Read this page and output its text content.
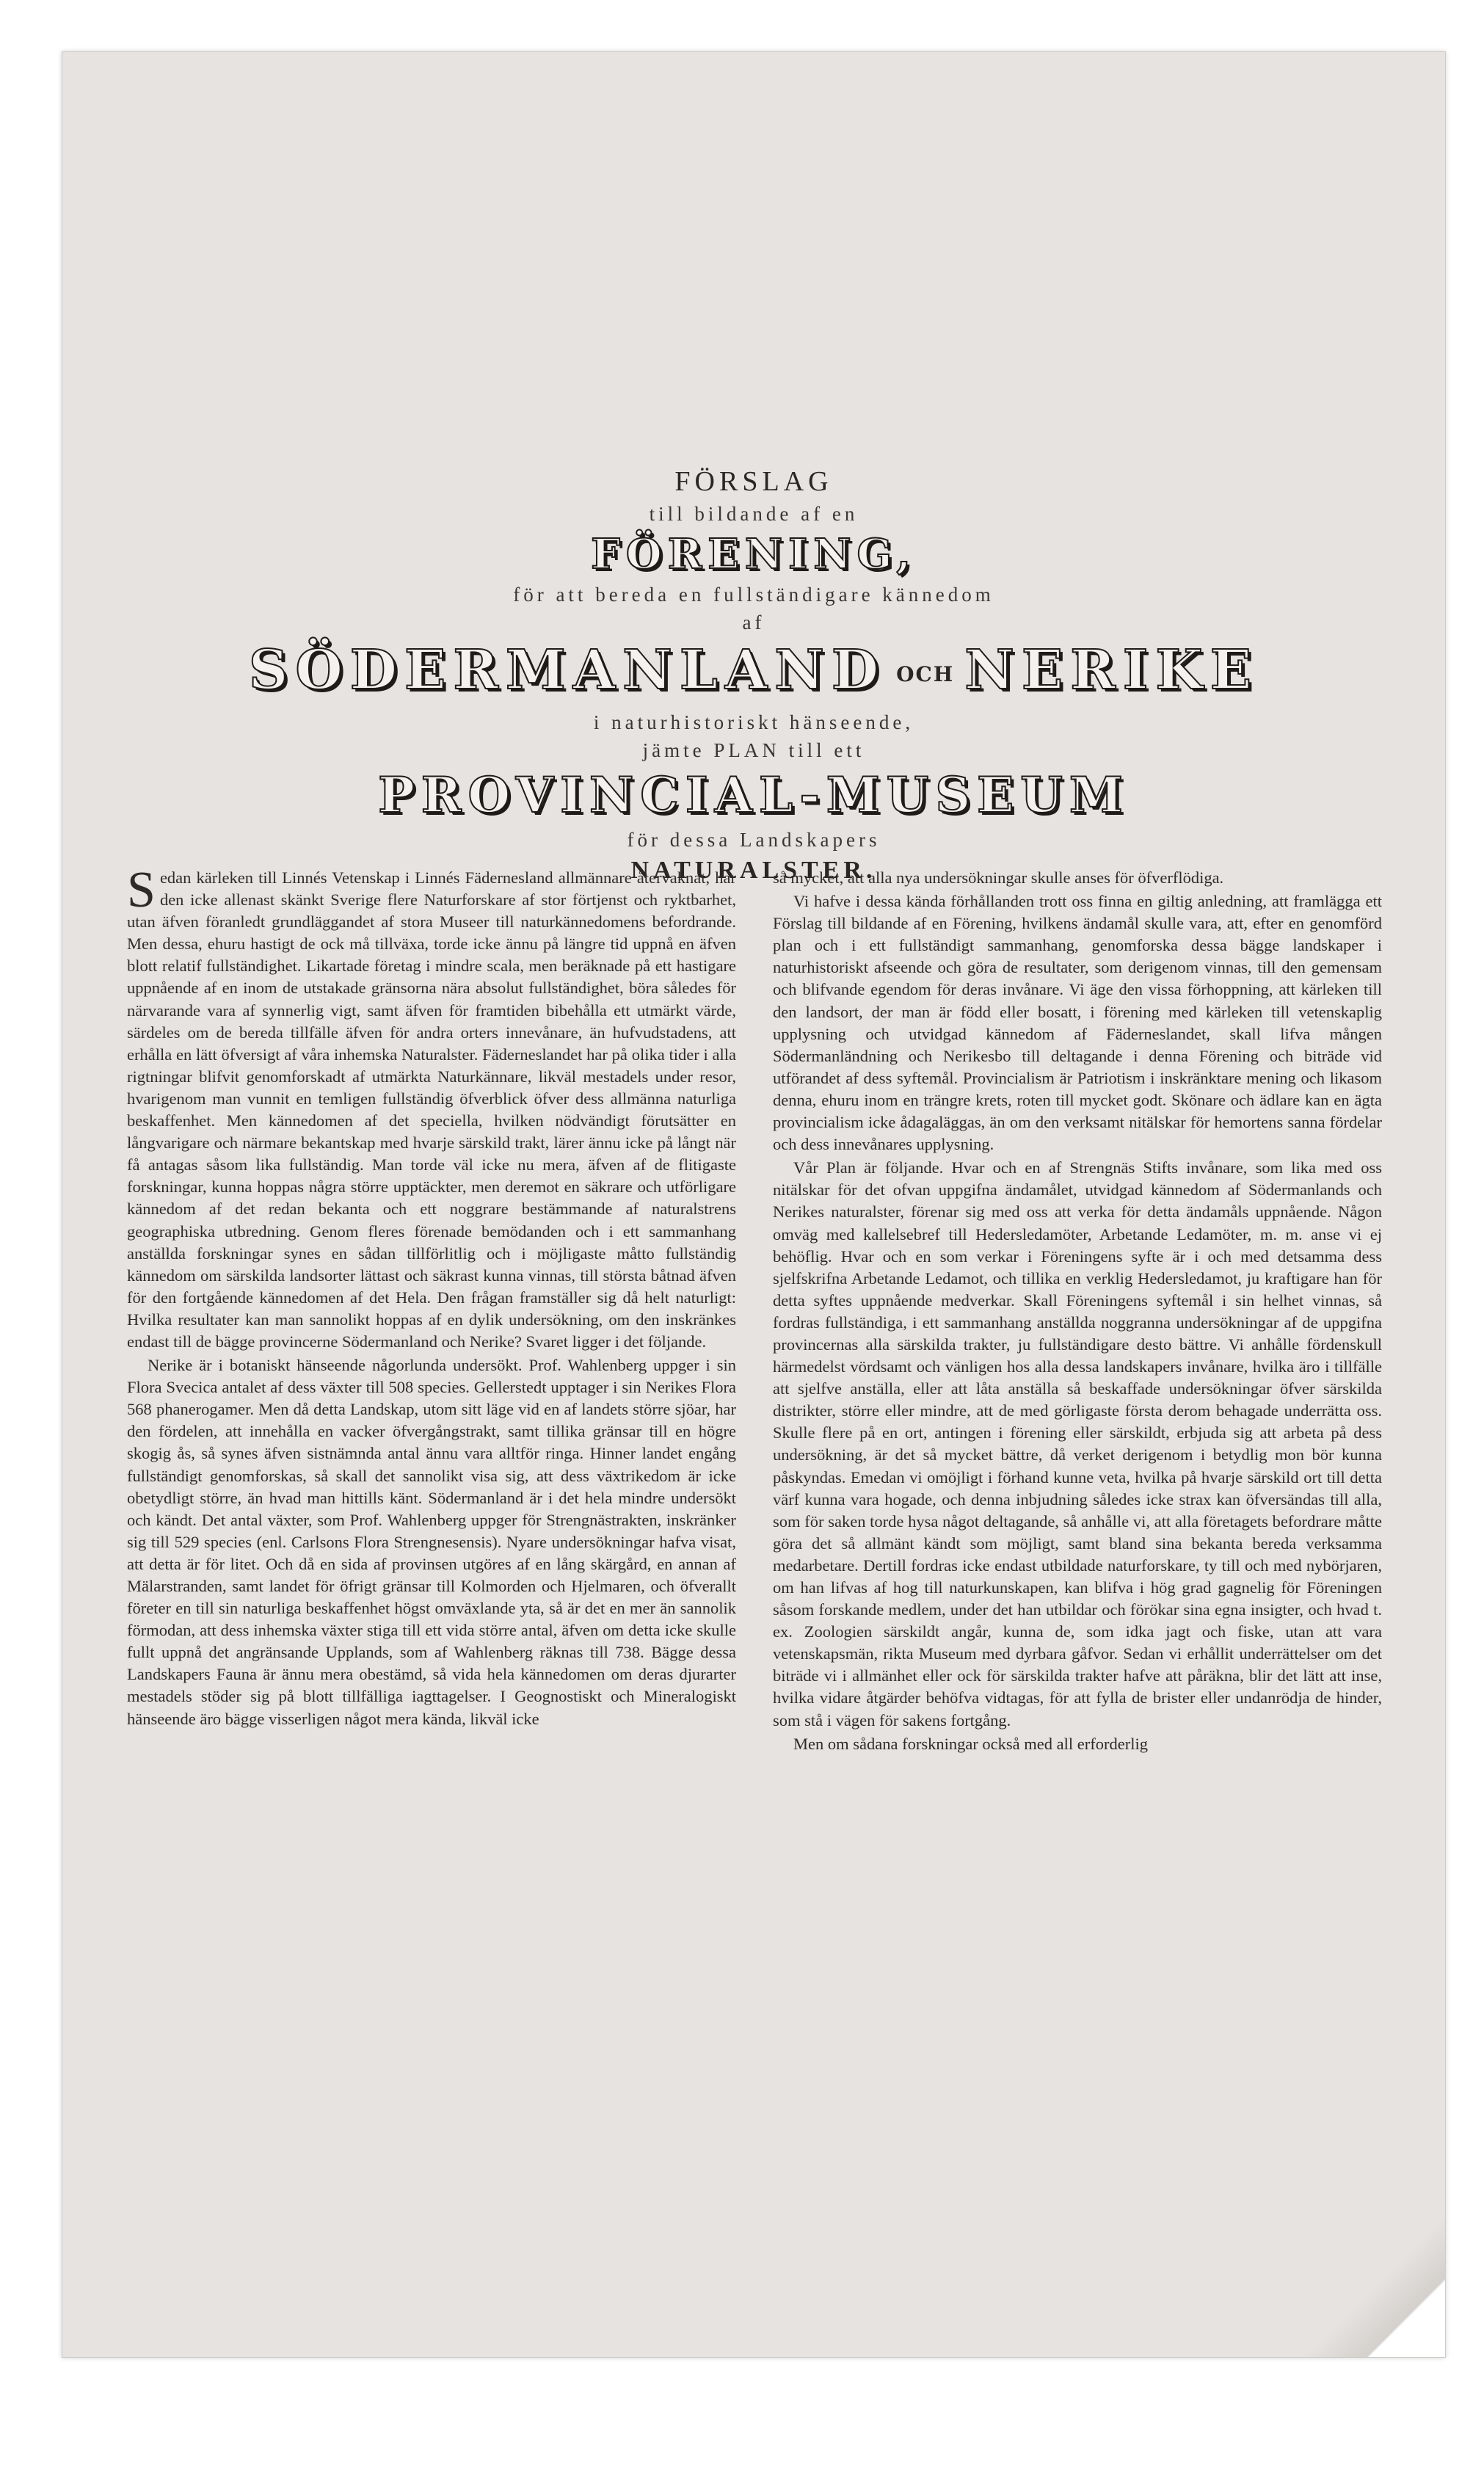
FÖRSLAG
till bildande af en
FÖRENING,
för att bereda en fullständigare kännedom
af
SÖDERMANLAND OCH NERIKE
i naturhistoriskt hänseende,
jämte PLAN till ett
PROVINCIAL-MUSEUM
för dessa Landskapers
NATURALSTER.

Sedan kärleken till Linnés Vetenskap i Linnés Fädernesland allmännare återvaknat, har den icke allenast skänkt Sverige flere Naturforskare af stor förtjenst och ryktbarhet, utan äfven föranledt grundläggandet af stora Museer till naturkännedomens befordrande. Men dessa, ehuru hastigt de ock må tillväxa, torde icke ännu på längre tid uppnå en äfven blott relatif fullständighet. Likartade företag i mindre scala, men beräknade på ett hastigare uppnående af en inom de utstakade gränsorna nära absolut fullständighet, böra således för närvarande vara af synnerlig vigt, samt äfven för framtiden bibehålla ett utmärkt värde, särdeles om de bereda tillfälle äfven för andra orters innevånare, än hufvudstadens, att erhålla en lätt öfversigt af våra inhemska Naturalster. Fäderneslandet har på olika tider i alla rigtningar blifvit genomforskadt af utmärkta Naturkännare, likväl mestadels under resor, hvarigenom man vunnit en temligen fullständig öfverblick öfver dess allmänna naturliga beskaffenhet. Men kännedomen af det speciella, hvilken nödvändigt förutsätter en långvarigare och närmare bekantskap med hvarje särskild trakt, lärer ännu icke på långt när få antagas såsom lika fullständig. Man torde väl icke nu mera, äfven af de flitigaste forskningar, kunna hoppas några större upptäckter, men deremot en säkrare och utförligare kännedom af det redan bekanta och ett noggrare bestämmande af naturalstrens geographiska utbredning. Genom fleres förenade bemödanden och i ett sammanhang anställda forskningar synes en sådan tillförlitlig och i möjligaste måtto fullständig kännedom om särskilda landsorter lättast och säkrast kunna vinnas, till största båtnad äfven för den fortgående kännedomen af det Hela. Den frågan framställer sig då helt naturligt: Hvilka resultater kan man sannolikt hoppas af en dylik undersökning, om den inskränkes endast till de bägge provincerne Södermanland och Nerike? Svaret ligger i det följande.

Nerike är i botaniskt hänseende någorlunda undersökt. Prof. Wahlenberg uppger i sin Flora Svecica antalet af dess växter till 508 species. Gellerstedt upptager i sin Nerikes Flora 568 phanerogamer. Men då detta Landskap, utom sitt läge vid en af landets större sjöar, har den fördelen, att innehålla en vacker öfvergångstrakt, samt tillika gränsar till en högre skogig ås, så synes äfven sistnämnda antal ännu vara alltför ringa. Hinner landet engång fullständigt genomforskas, så skall det sannolikt visa sig, att dess växtrikedom är icke obetydligt större, än hvad man hittills känt. Södermanland är i det hela mindre undersökt och kändt. Det antal växter, som Prof. Wahlenberg uppger för Strengnästrakten, inskränker sig till 529 species (enl. Carlsons Flora Strengnesensis). Nyare undersökningar hafva visat, att detta är för litet. Och då en sida af provinsen utgöres af en lång skärgård, en annan af Mälarstranden, samt landet för öfrigt gränsar till Kolmorden och Hjelmaren, och öfverallt företer en till sin naturliga beskaffenhet högst omväxlande yta, så är det en mer än sannolik förmodan, att dess inhemska växter stiga till ett vida större antal, äfven om detta icke skulle fullt uppnå det angränsande Upplands, som af Wahlenberg räknas till 738. Bägge dessa Landskapers Fauna är ännu mera obestämd, så vida hela kännedomen om deras djurarter mestadels stöder sig på blott tillfälliga iagttagelser. I Geognostiskt och Mineralogiskt hänseende äro bägge visserligen något mera kända, likväl icke

så mycket, att alla nya undersökningar skulle anses för öfverflödiga.

Vi hafve i dessa kända förhållanden trott oss finna en giltig anledning, att framlägga ett Förslag till bildande af en Förening, hvilkens ändamål skulle vara, att, efter en genomförd plan och i ett fullständigt sammanhang, genomforska dessa bägge landskaper i naturhistoriskt afseende och göra de resultater, som derigenom vinnas, till den gemensam och blifvande egendom för deras invånare. Vi äge den vissa förhoppning, att kärleken till den landsort, der man är född eller bosatt, i förening med kärleken till vetenskaplig upplysning och utvidgad kännedom af Fäderneslandet, skall lifva mången Södermanländning och Nerikesbo till deltagande i denna Förening och biträde vid utförandet af dess syftemål. Provincialism är Patriotism i inskränktare mening och likasom denna, ehuru inom en trängre krets, roten till mycket godt. Skönare och ädlare kan en ägta provincialism icke ådagaläggas, än om den verksamt nitälskar för hemortens sanna fördelar och dess innevånares upplysning.

Vår Plan är följande. Hvar och en af Strengnäs Stifts invånare, som lika med oss nitälskar för det ofvan uppgifna ändamålet, utvidgad kännedom af Södermanlands och Nerikes naturalster, förenar sig med oss att verka för detta ändamåls uppnående. Någon omväg med kallelsebref till Hedersledamöter, Arbetande Ledamöter, m. m. anse vi ej behöflig. Hvar och en som verkar i Föreningens syfte är i och med detsamma dess sjelfskrifna Arbetande Ledamot, och tillika en verklig Hedersledamot, ju kraftigare han för detta syftes uppnående medverkar. Skall Föreningens syftemål i sin helhet vinnas, så fordras fullständiga, i ett sammanhang anställda noggranna undersökningar af de uppgifna provincernas alla särskilda trakter, ju fullständigare desto bättre. Vi anhålle fördenskull härmedelst vördsamt och vänligen hos alla dessa landskapers invånare, hvilka äro i tillfälle att sjelfve anställa, eller att låta anställa så beskaffade undersökningar öfver särskilda distrikter, större eller mindre, att de med görligaste första derom behagade underrätta oss. Skulle flere på en ort, antingen i förening eller särskildt, erbjuda sig att arbeta på dess undersökning, är det så mycket bättre, då verket derigenom i betydlig mon bör kunna påskyndas. Emedan vi omöjligt i förhand kunne veta, hvilka på hvarje särskild ort till detta värf kunna vara hogade, och denna inbjudning således icke strax kan öfversändas till alla, som för saken torde hysa något deltagande, så anhålle vi, att alla företagets befordrare måtte göra det så allmänt kändt som möjligt, samt bland sina bekanta bereda verksamma medarbetare. Dertill fordras icke endast utbildade naturforskare, ty till och med nybörjaren, om han lifvas af hog till naturkunskapen, kan blifva i hög grad gagnelig för Föreningen såsom forskande medlem, under det han utbildar och förökar sina egna insigter, och hvad t. ex. Zoologien särskildt angår, kunna de, som idka jagt och fiske, utan att vara vetenskapsmän, rikta Museum med dyrbara gåfvor. Sedan vi erhållit underrättelser om det biträde vi i allmänhet eller ock för särskilda trakter hafve att påräkna, blir det lätt att inse, hvilka vidare åtgärder behöfva vidtagas, för att fylla de brister eller undanrödja de hinder, som stå i vägen för sakens fortgång.

Men om sådana forskningar också med all erforderlig
